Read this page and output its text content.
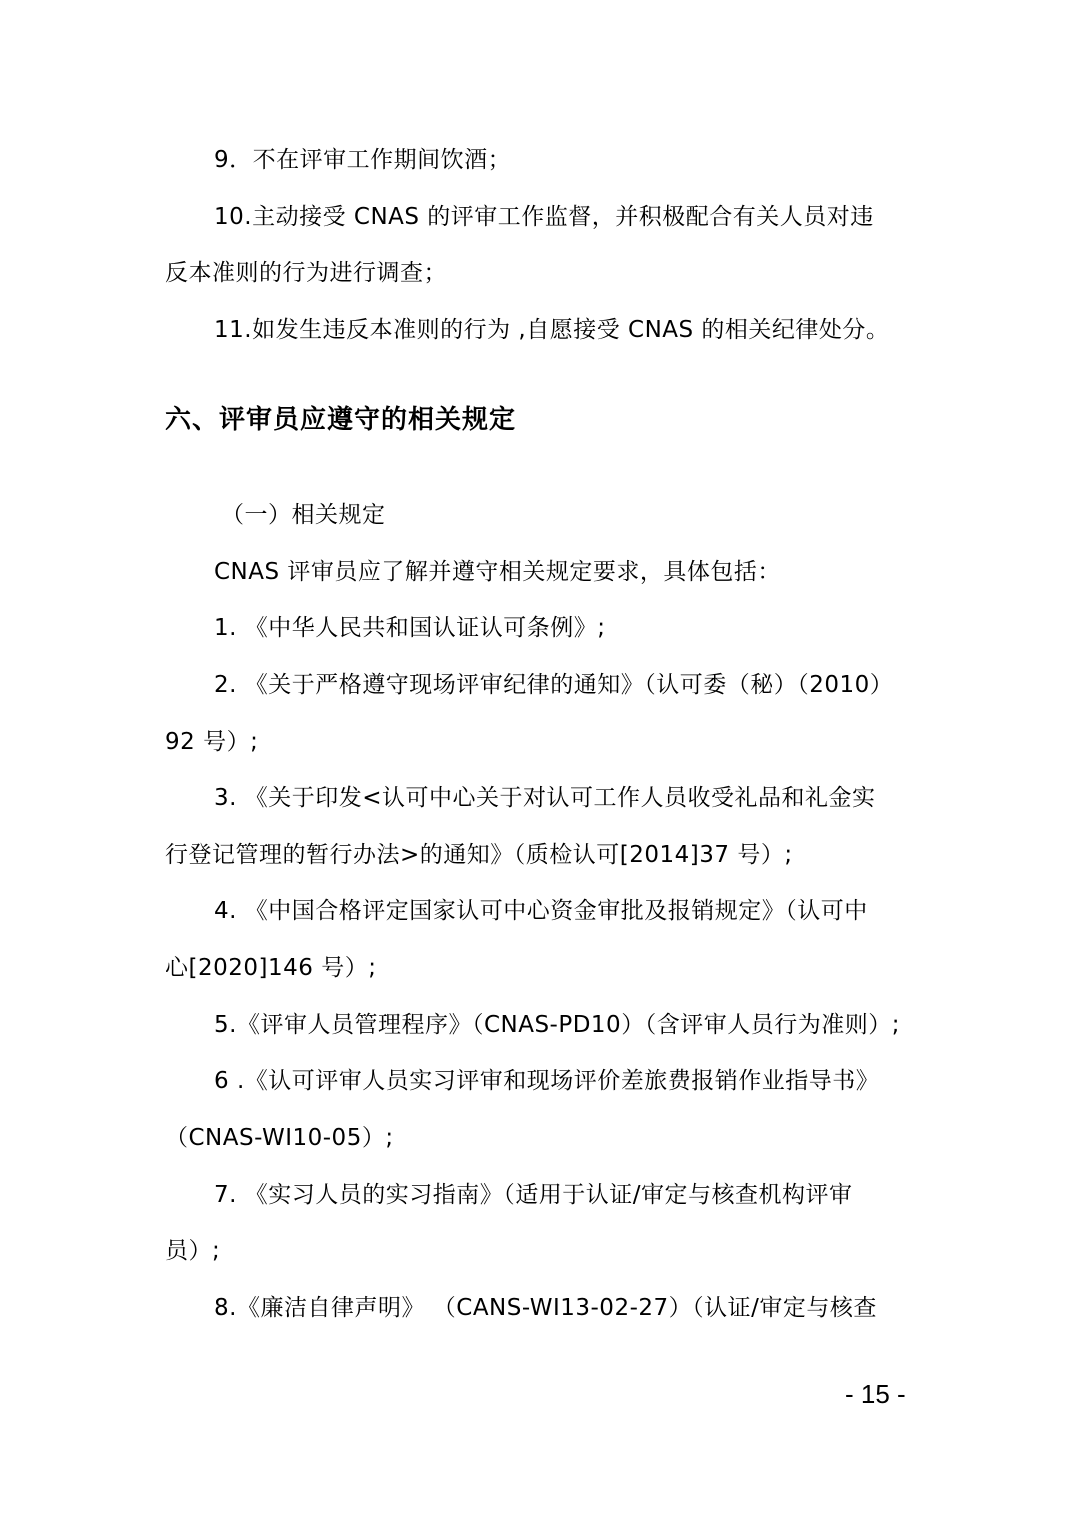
9．不在评审工作期间饮酒；
10.主动接受 CNAS 的评审工作监督，并积极配合有关人员对违
反本准则的行为进行调查；
11.如发生违反本准则的行为 ,自愿接受 CNAS 的相关纪律处分。
六、评审员应遵守的相关规定
（一）相关规定
CNAS 评审员应了解并遵守相关规定要求，具体包括：
1. 《中华人民共和国认证认可条例》;
2. 《关于严格遵守现场评审纪律的通知》（认可委（秘）（2010）
92 号）;
3. 《关于印发<认可中心关于对认可工作人员收受礼品和礼金实
行登记管理的暂行办法>的通知》（质检认可[2014]37 号）;
4. 《中国合格评定国家认可中心资金审批及报销规定》（认可中
心[2020]146 号）;
5.《评审人员管理程序》（CNAS-PD10）（含评审人员行为准则）;
6 .《认可评审人员实习评审和现场评价差旅费报销作业指导书》
（CNAS-WI10-05）;
7. 《实习人员的实习指南》（适用于认证/审定与核查机构评审
员）;
8.《廉洁自律声明》 （CANS-WI13-02-27）（认证/审定与核查
- 15 -
